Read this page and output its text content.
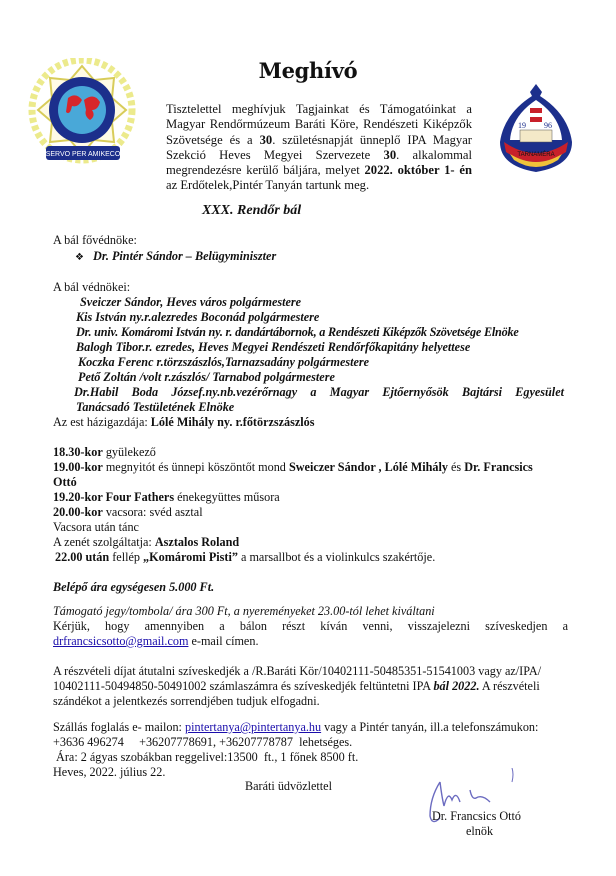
SERVO PER AMIKECO
19 96
TARNAMÉRA
Meghívó
Tisztelettel meghívjuk Tagjainkat és Támogatóinkat a Magyar Rendőrmúzeum Baráti Köre, Rendészeti Kiképzők Szövetsége és a 30. születésnapját ünneplő IPA Magyar Szekció Heves Megyei Szervezete 30. alkalommal megrendezésre kerülő báljára, melyet 2022. október 1- én az Erdőtelek,Pintér Tanyán tartunk meg.
XXX. Rendőr bál
A bál fővédnöke:
❖ Dr. Pintér Sándor – Belügyminiszter
A bál védnökei:
Sveiczer Sándor, Heves város polgármestere
Kis István ny.r.alezredes Boconád polgármestere
Dr. univ. Komáromi István ny. r. dandártábornok, a Rendészeti Kiképzők Szövetsége Elnöke
Balogh Tibor.r. ezredes, Heves Megyei Rendészeti Rendőrfőkapitány helyettese
Koczka Ferenc r.törzszászlós,Tarnazsadány polgármestere
Dr.Habil Boda József.ny.nb.vezérőrnagy a Magyar Ejtőernyősök Bajtársi Egyesület
Pető Zoltán /volt r.zászlós/ Tarnabod polgármestere
Tanácsadó Testületének Elnöke
Az est házigazdája: Lólé Mihály ny. r.főtörzszászlós
18.30-kor gyülekező
19.00-kor megnyitót és ünnepi köszöntőt mond Sweiczer Sándor , Lólé Mihály és Dr. Francsics
Ottó
19.20-kor Four Fathers énekegyüttes műsora
20.00-kor vacsora: svéd asztal
Vacsora után tánc
A zenét szolgáltatja: Asztalos Roland
22.00 után fellép „Komáromi Pisti” a marsallbot és a violinkulcs szakértője.
Belépő ára egységesen 5.000 Ft.
Támogató jegy/tombola/ ára 300 Ft, a nyereményeket 23.00-tól lehet kiváltani
Kérjük, hogy amennyiben a bálon részt kíván venni, visszajelezni szíveskedjen a
drfrancsicsotto@gmail.com e-mail címen.
A részvételi díjat átutalni szíveskedjék a /R.Baráti Kör/10402111-50485351-51541003 vagy az/IPA/
10402111-50494850-50491002 számlaszámra és szíveskedjék feltüntetni IPA bál 2022. A részvételi
szándékot a jelentkezés sorrendjében tudjuk elfogadni.
Szállás foglalás e- mailon: pintertanya@pintertanya.hu vagy a Pintér tanyán, ill.a telefonszámukon:
+3636 496274     +36207778691, +36207778787  lehetséges.
Ára: 2 ágyas szobákban reggelivel:13500  ft., 1 főnek 8500 ft.
Heves, 2022. július 22.
Baráti üdvözlettel
Dr. Francsics Ottó
elnök
